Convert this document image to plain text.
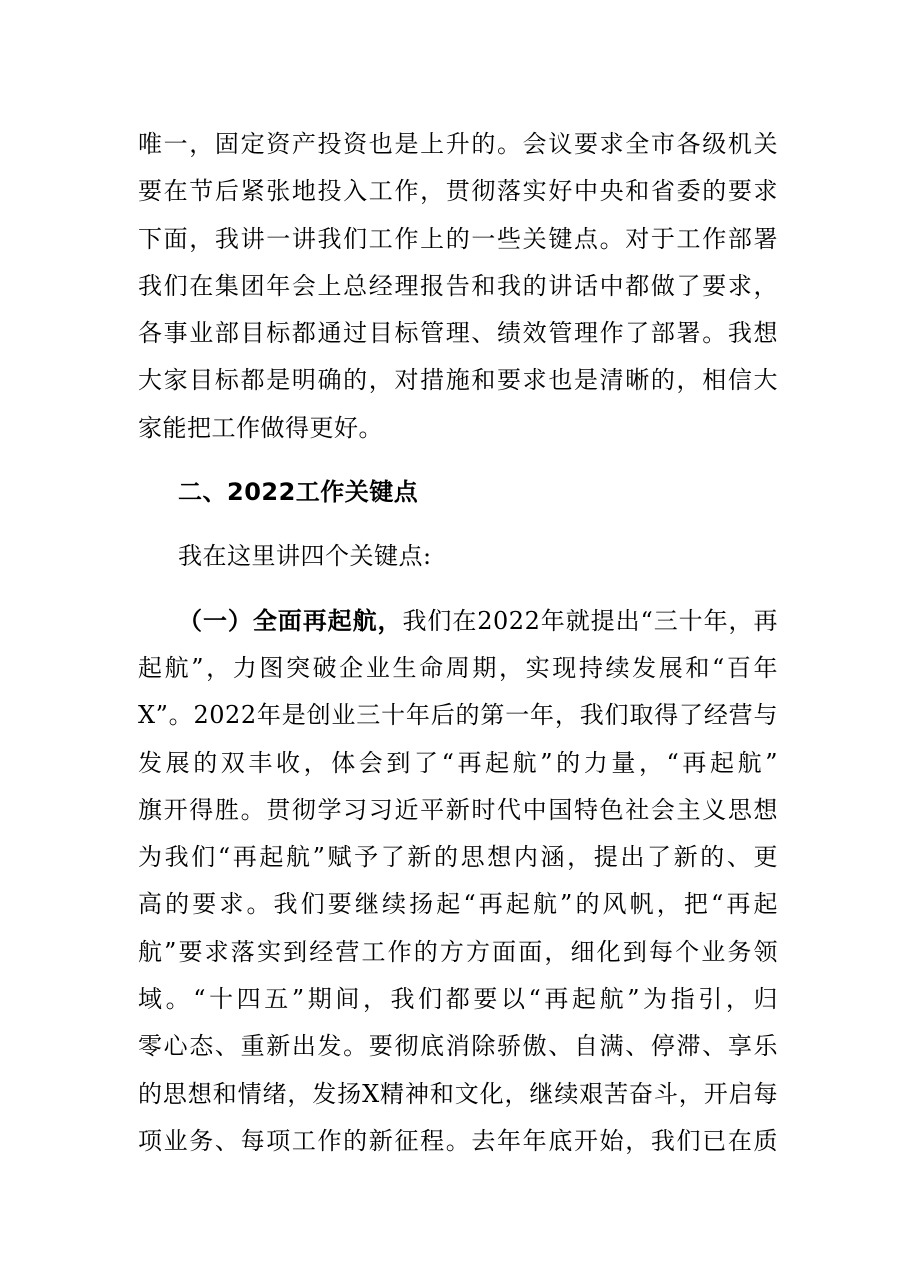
唯一，固定资产投资也是上升的。会议要求全市各级机关
要在节后紧张地投入工作，贯彻落实好中央和省委的要求
下面，我讲一讲我们工作上的一些关键点。对于工作部署
我们在集团年会上总经理报告和我的讲话中都做了要求，
各事业部目标都通过目标管理、绩效管理作了部署。我想
大家目标都是明确的，对措施和要求也是清晰的，相信大
家能把工作做得更好。
二、2022工作关键点
我在这里讲四个关键点:
（一）全面再起航，我们在2022年就提出“三十年，再
起航”，力图突破企业生命周期，实现持续发展和“百年
X”。2022年是创业三十年后的第一年，我们取得了经营与
发展的双丰收，体会到了“再起航”的力量，“再起航”
旗开得胜。贯彻学习习近平新时代中国特色社会主义思想
为我们“再起航”赋予了新的思想内涵，提出了新的、更
高的要求。我们要继续扬起“再起航”的风帆，把“再起
航”要求落实到经营工作的方方面面，细化到每个业务领
域。“十四五”期间，我们都要以“再起航”为指引，归
零心态、重新出发。要彻底消除骄傲、自满、停滞、享乐
的思想和情绪，发扬X精神和文化，继续艰苦奋斗，开启每
项业务、每项工作的新征程。去年年底开始，我们已在质
